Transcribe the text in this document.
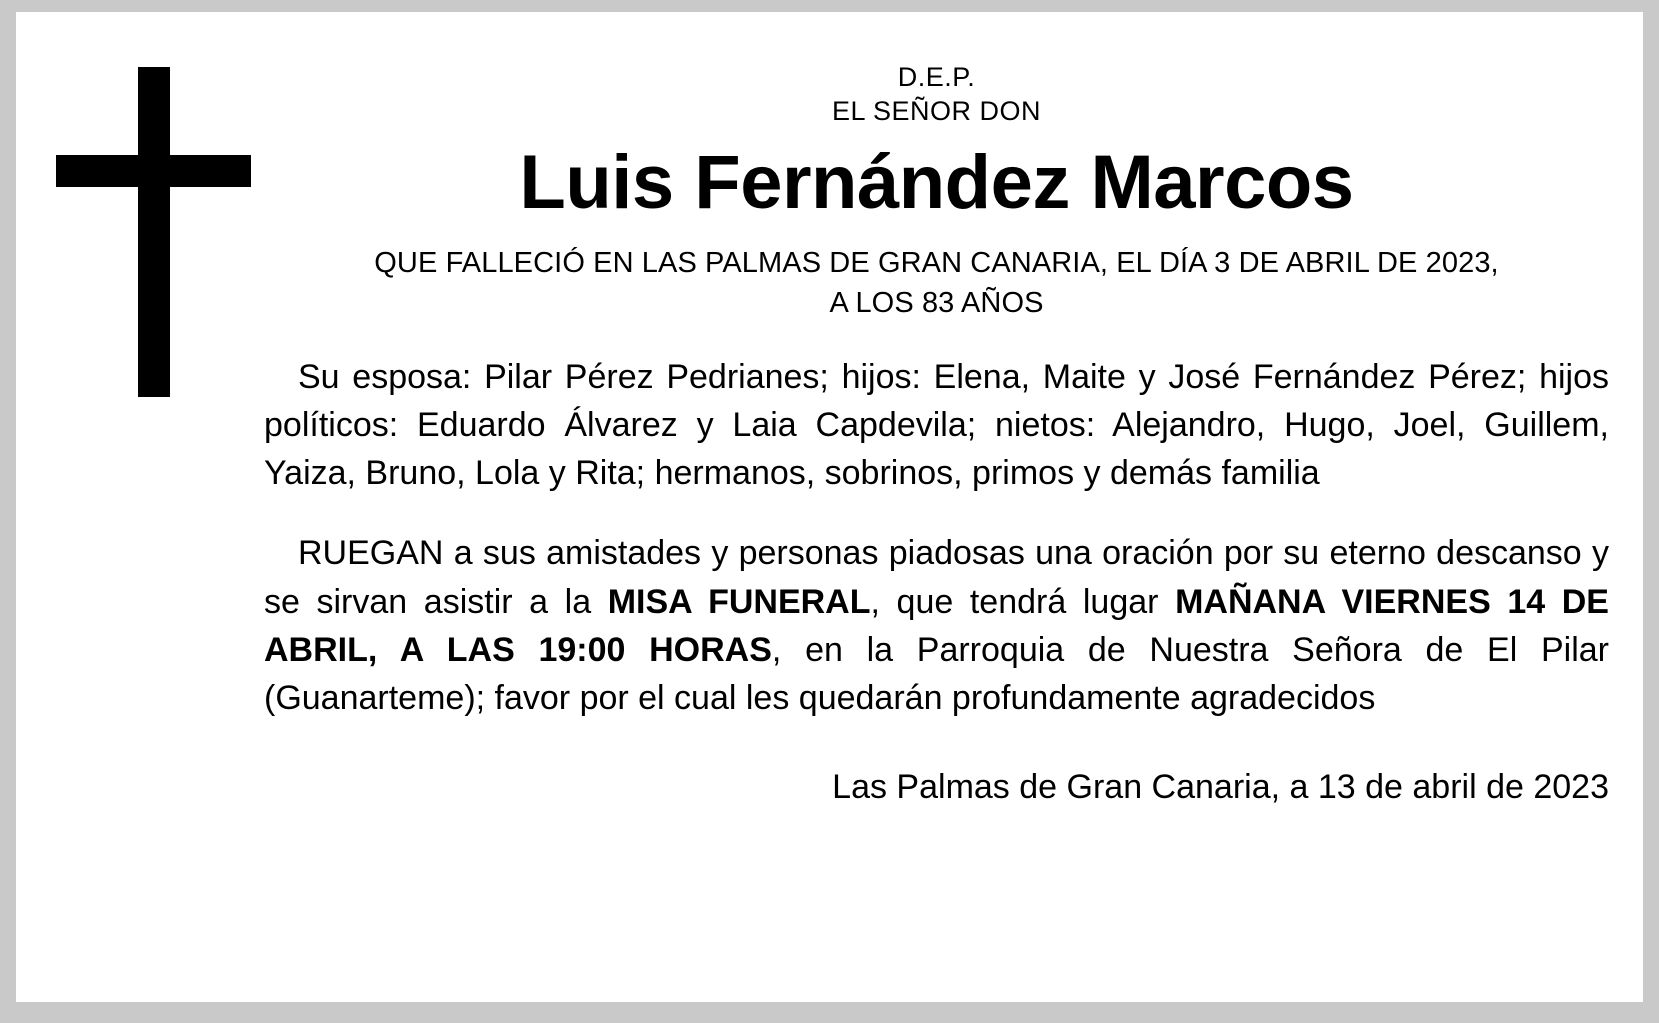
D.E.P.
EL SEÑOR DON
Luis Fernández Marcos
QUE FALLECIÓ EN LAS PALMAS DE GRAN CANARIA, EL DÍA 3 DE ABRIL DE 2023,
A LOS 83 AÑOS
Su esposa: Pilar Pérez Pedrianes; hijos: Elena, Maite y José Fernández Pérez; hijos políticos: Eduardo Álvarez y Laia Capdevila; nietos: Alejandro, Hugo, Joel, Guillem, Yaiza, Bruno, Lola y Rita; hermanos, sobrinos, primos y demás familia
RUEGAN a sus amistades y personas piadosas una oración por su eterno descanso y se sirvan asistir a la MISA FUNERAL, que tendrá lugar MAÑANA VIERNES 14 DE ABRIL, A LAS 19:00 HORAS, en la Parroquia de Nuestra Señora de El Pilar (Guanarteme); favor por el cual les quedarán profundamente agradecidos
Las Palmas de Gran Canaria, a 13 de abril de 2023
